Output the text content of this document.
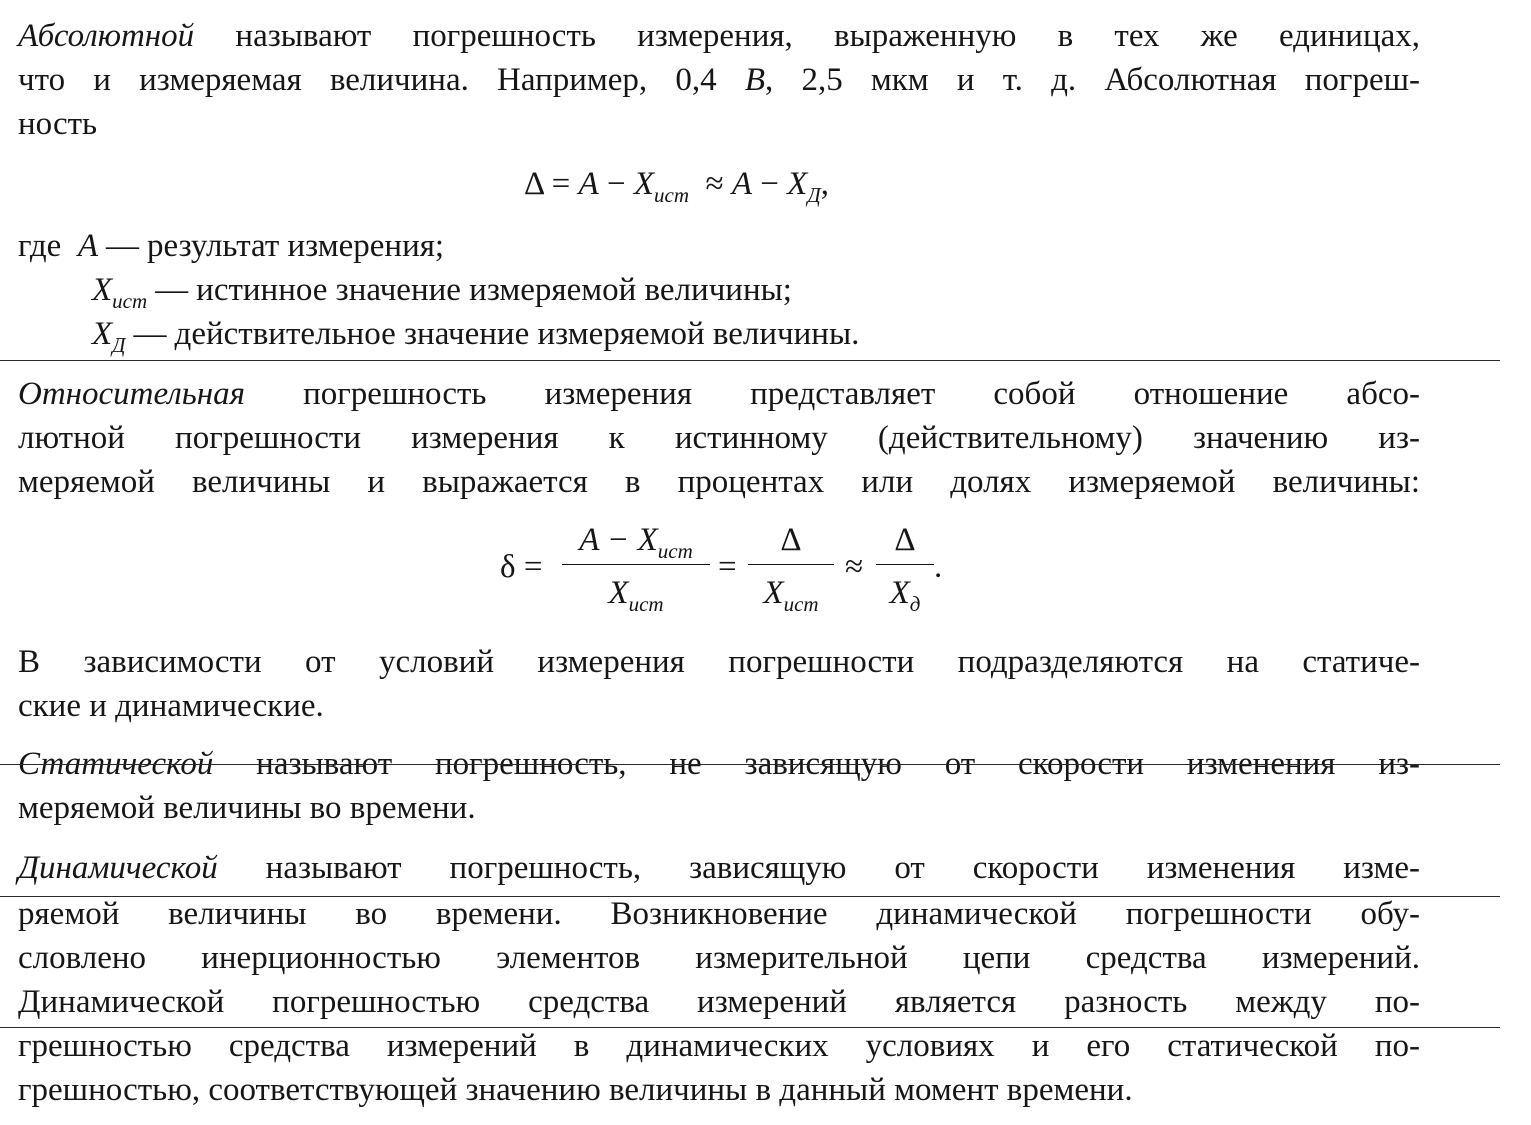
Абсолютной называют погрешность измерения, выраженную в тех же единицах,
что и измеряемая величина. Например, 0,4 В, 2,5 мкм и т. д. Абсолютная погреш-
ность
$\Delta = A - X_{ист} \approx A - X_Д$,
где A — результат измерения;
$X_{ист}$ — истинное значение измеряемой величины;
$X_Д$ — действительное значение измеряемой величины.
Относительная погрешность измерения представляет собой отношение абсо-
лютной погрешности измерения к истинному (действительному) значению из-
меряемой величины и выражается в процентах или долях измеряемой величины:
δ =
$A - X_{ист}$
$X_{ист}$
=
Δ
$X_{ист}$
≈
Δ
$X_д$
.
В зависимости от условий измерения погрешности подразделяются на статиче-
ские и динамические.
Статической называют погрешность, не зависящую от скорости изменения из-
меряемой величины во времени.
Динамической называют погрешность, зависящую от скорости изменения изме-
ряемой величины во времени. Возникновение динамической погрешности обу-
словлено инерционностью элементов измерительной цепи средства измерений.
Динамической погрешностью средства измерений является разность между по-
грешностью средства измерений в динамических условиях и его статической по-
грешностью, соответствующей значению величины в данный момент времени.
